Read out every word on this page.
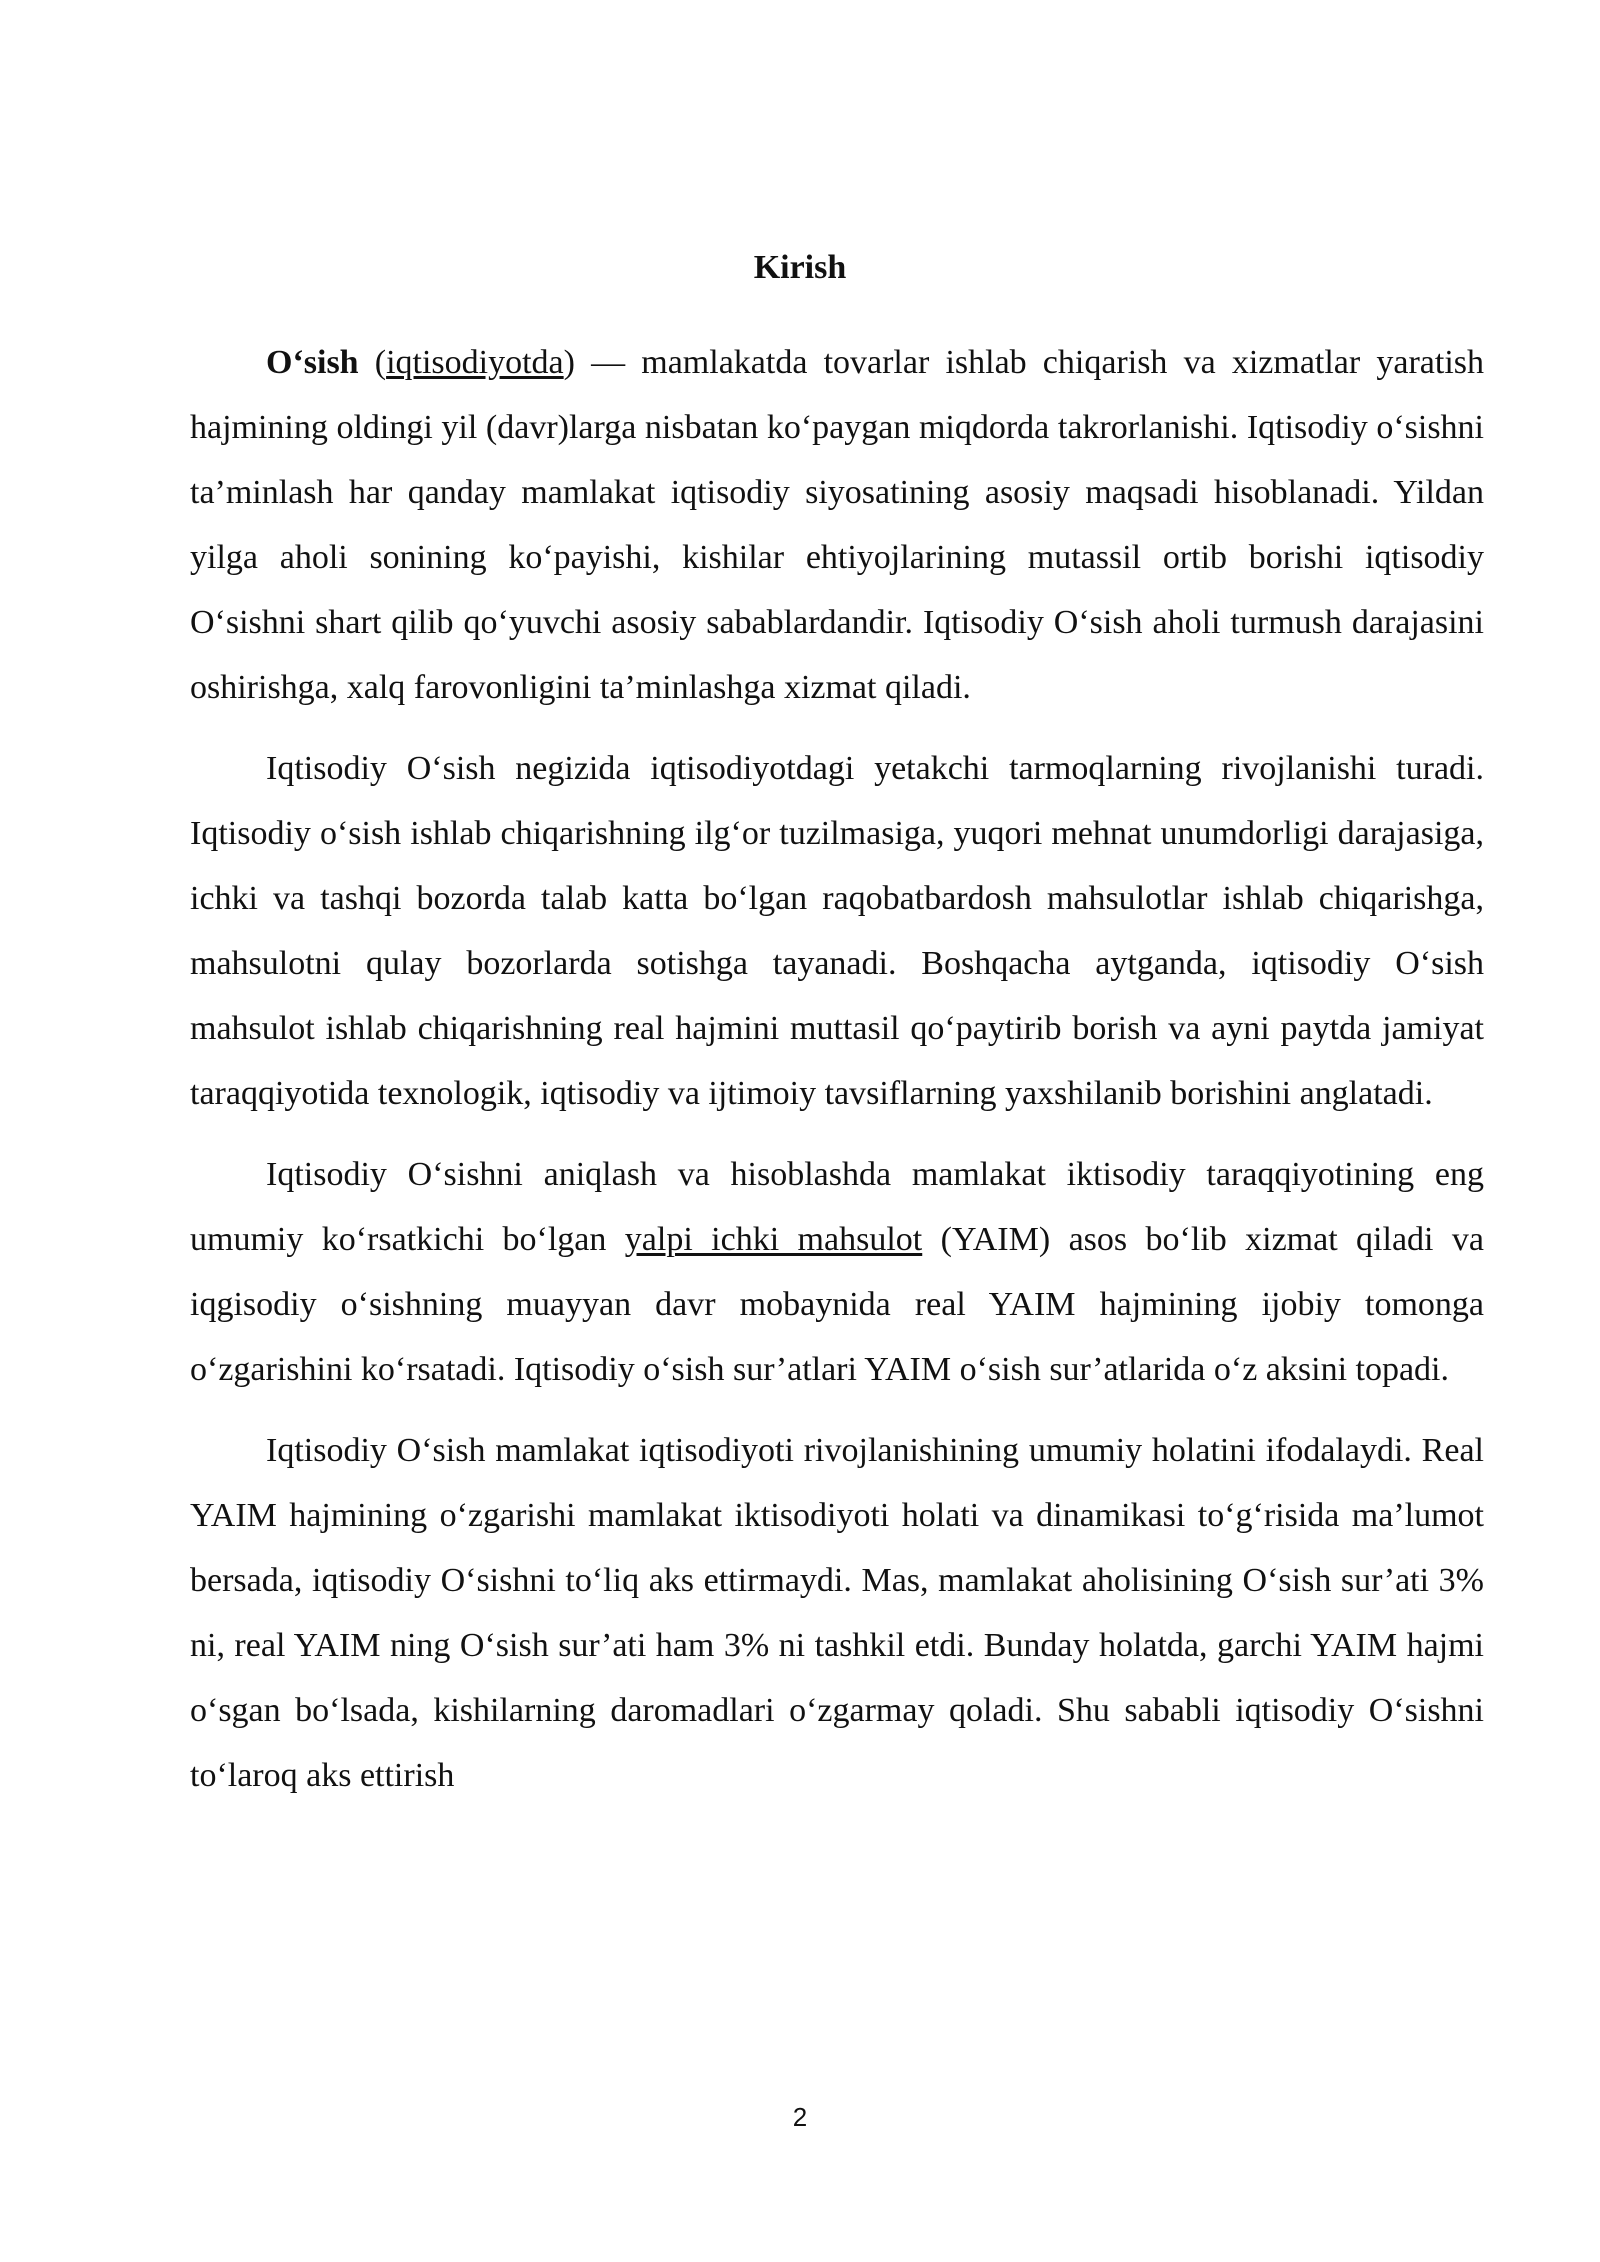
Kirish

O‘sish (iqtisodiyotda) — mamlakatda tovarlar ishlab chiqarish va xizmatlar yaratish hajmining oldingi yil (davr)larga nisbatan ko‘paygan miqdorda takrorlanishi. Iqtisodiy o‘sishni ta’minlash har qanday mamlakat iqtisodiy siyosatining asosiy maqsadi hisoblanadi. Yildan yilga aholi sonining ko‘payishi, kishilar ehtiyojlarining mutassil ortib borishi iqtisodiy O‘sishni shart qilib qo‘yuvchi asosiy sabablardandir. Iqtisodiy O‘sish aholi turmush darajasini oshirishga, xalq farovonligini ta’minlashga xizmat qiladi.

Iqtisodiy O‘sish negizida iqtisodiyotdagi yetakchi tarmoqlarning rivojlanishi turadi. Iqtisodiy o‘sish ishlab chiqarishning ilg‘or tuzilmasiga, yuqori mehnat unumdorligi darajasiga, ichki va tashqi bozorda talab katta bo‘lgan raqobatbardosh mahsulotlar ishlab chiqarishga, mahsulotni qulay bozorlarda sotishga tayanadi. Boshqacha aytganda, iqtisodiy O‘sish mahsulot ishlab chiqarishning real hajmini muttasil qo‘paytirib borish va ayni paytda jamiyat taraqqiyotida texnologik, iqtisodiy va ijtimoiy tavsiflarning yaxshilanib borishini anglatadi.

Iqtisodiy O‘sishni aniqlash va hisoblashda mamlakat iktisodiy taraqqiyotining eng umumiy ko‘rsatkichi bo‘lgan yalpi ichki mahsulot (YAIM) asos bo‘lib xizmat qiladi va iqgisodiy o‘sishning muayyan davr mobaynida real YAIM hajmining ijobiy tomonga o‘zgarishini ko‘rsatadi. Iqtisodiy o‘sish sur’atlari YAIM o‘sish sur’atlarida o‘z aksini topadi.

Iqtisodiy O‘sish mamlakat iqtisodiyoti rivojlanishining umumiy holatini ifodalaydi. Real YAIM hajmining o‘zgarishi mamlakat iktisodiyoti holati va dinamikasi to‘g‘risida ma’lumot bersada, iqtisodiy O‘sishni to‘liq aks ettirmaydi. Mas, mamlakat aholisining O‘sish sur’ati 3% ni, real YAIM ning O‘sish sur’ati ham 3% ni tashkil etdi. Bunday holatda, garchi YAIM hajmi o‘sgan bo‘lsada, kishilarning daromadlari o‘zgarmay qoladi. Shu sababli iqtisodiy O‘sishni to‘laroq aks ettirish

2
